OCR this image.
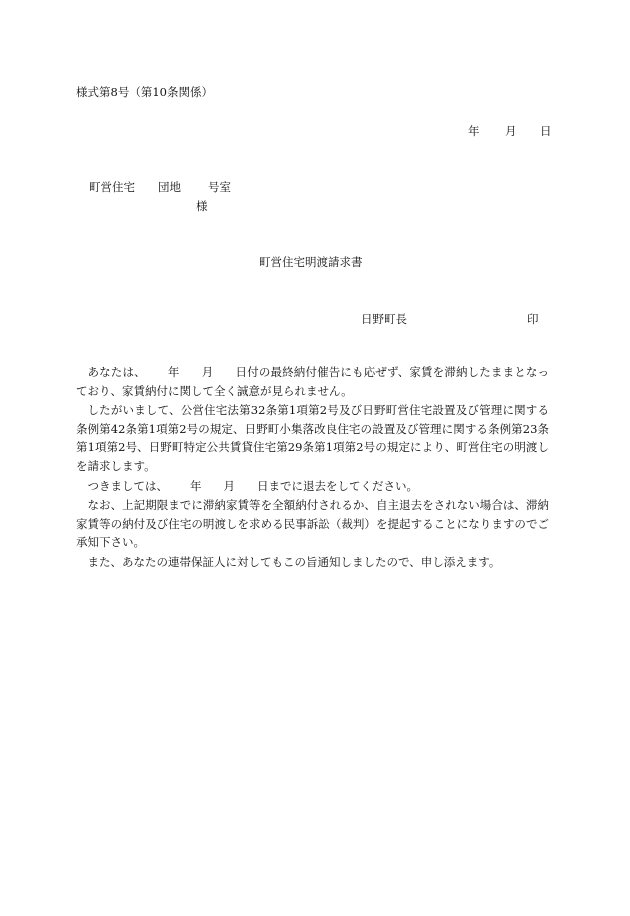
様式第8号（第10条関係）
年 月 日
町営住宅 団地 号室
様
町営住宅明渡請求書
日野町長	印

あなたは、 年 月 日付の最終納付催告にも応ぜず、家賃を滞納したままとなっており、家賃納付に関して全く誠意が見られません。

したがいまして、公営住宅法第32条第1項第2号及び日野町営住宅設置及び管理に関する条例第42条第1項第2号の規定、日野町小集落改良住宅の設置及び管理に関する条例第23条第1項第2号、日野町特定公共賃貸住宅第29条第1項第2号の規定により、町営住宅の明渡しを請求します。

つきましては、 年 月 日までに退去をしてください。

なお、上記期限までに滞納家賃等を全額納付されるか、自主退去をされない場合は、滞納家賃等の納付及び住宅の明渡しを求める民事訴訟（裁判）を提起することになりますのでご承知下さい。

また、あなたの連帯保証人に対してもこの旨通知しましたので、申し添えます。
